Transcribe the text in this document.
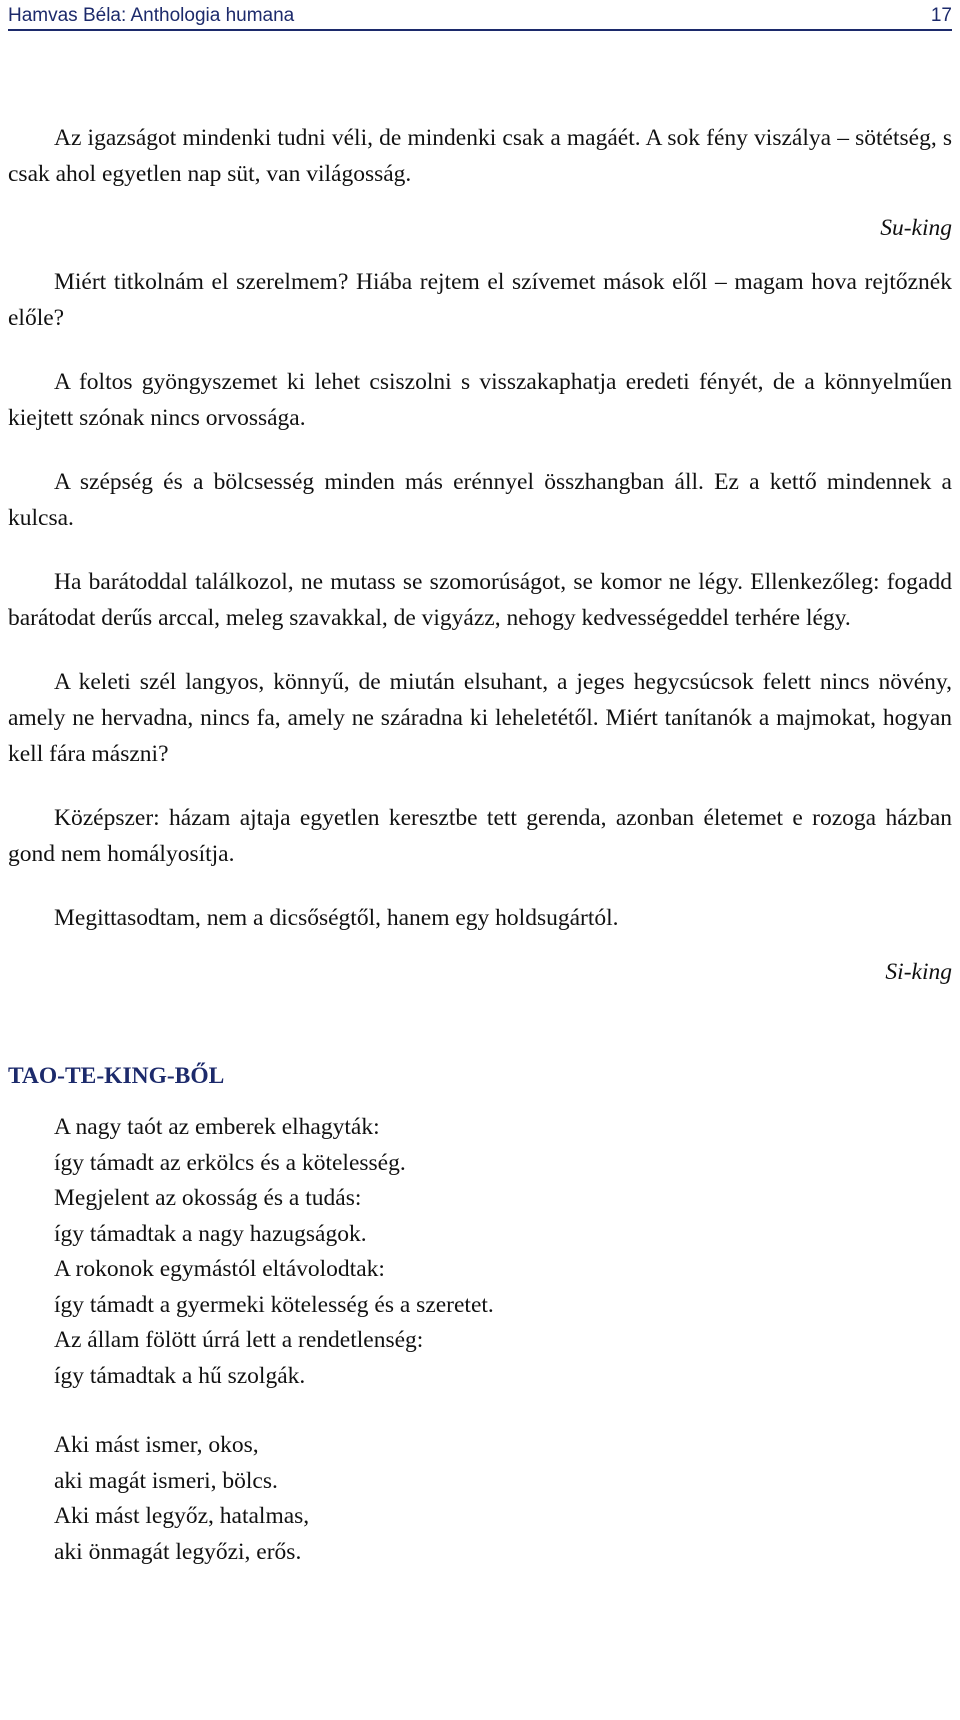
Hamvas Béla: Anthologia humana	17

Az igazságot mindenki tudni véli, de mindenki csak a magáét. A sok fény viszálya – sötétség, s csak ahol egyetlen nap süt, van világosság.

Su-king

Miért titkolnám el szerelmem? Hiába rejtem el szívemet mások elől – magam hova rejtőznék előle?

A foltos gyöngyszemet ki lehet csiszolni s visszakaphatja eredeti fényét, de a könnyelműen kiejtett szónak nincs orvossága.

A szépség és a bölcsesség minden más erénnyel összhangban áll. Ez a kettő mindennek a kulcsa.

Ha barátoddal találkozol, ne mutass se szomorúságot, se komor ne légy. Ellenkezőleg: fogadd barátodat derűs arccal, meleg szavakkal, de vigyázz, nehogy kedvességeddel terhére légy.

A keleti szél langyos, könnyű, de miután elsuhant, a jeges hegycsúcsok felett nincs növény, amely ne hervadna, nincs fa, amely ne száradna ki leheletétől. Miért tanítanók a majmokat, hogyan kell fára mászni?

Középszer: házam ajtaja egyetlen keresztbe tett gerenda, azonban életemet e rozoga házban gond nem homályosítja.

Megittasodtam, nem a dicsőségtől, hanem egy holdsugártól.

Si-king

TAO-TE-KING-BŐL
A nagy taót az emberek elhagyták:
így támadt az erkölcs és a kötelesség.
Megjelent az okosság és a tudás:
így támadtak a nagy hazugságok.
A rokonok egymástól eltávolodtak:
így támadt a gyermeki kötelesség és a szeretet.
Az állam fölött úrrá lett a rendetlenség:
így támadtak a hű szolgák.
Aki mást ismer, okos,
aki magát ismeri, bölcs.
Aki mást legyőz, hatalmas,
aki önmagát legyőzi, erős.
